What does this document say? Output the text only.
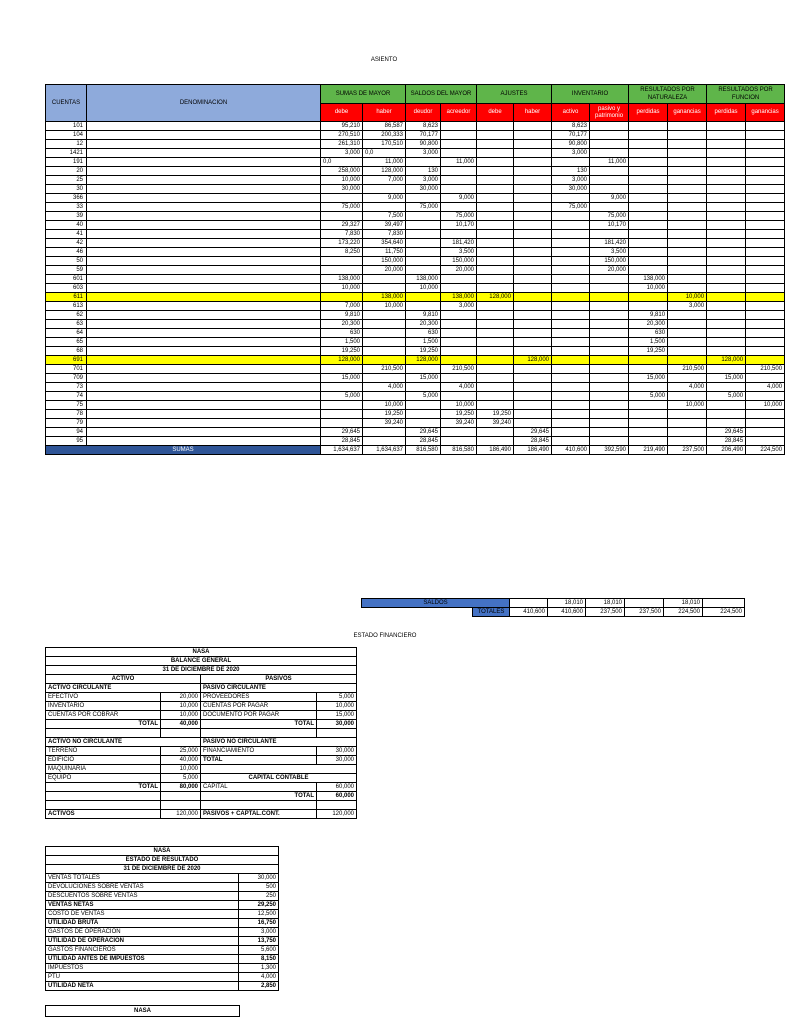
ASIENTO
CUENTAS	DENOMINACION	SUMAS DE MAYOR		SALDOS DEL MAYOR		AJUSTES		INVENTARIO		RESULTADOS POR NATURALEZA		RESULTADOS POR FUNCION	
		debe	haber	deudor	acreedor	debe	haber	activo	pasivo y patrimonio	perdidas	ganancias	perdidas	ganancias
101		95,210	86,587	8,623				8,623					
104		270,510	200,333	70,177				70,177					
12		261,310	170,510	90,800				90,800					
1421		3,000	0,0	3,000				3,000					
191		0,0	11,000		11,000				11,000				
20		258,000	128,000	130				130					
25		10,000	7,000	3,000				3,000					
30		30,000		30,000				30,000					
366			9,000		9,000				9,000				
33		75,000		75,000				75,000					
39			7,500		75,000				75,000				
40		29,327	39,497		10,170				10,170				
41		7,830	7,830										
42		173,220	354,640		181,420				181,420				
46		8,250	11,750		3,500				3,500				
50			150,000		150,000				150,000				
59			20,000		20,000				20,000				
601		138,000		138,000						138,000			
603		10,000		10,000						10,000			
611			138,000		138,000	128,000					10,000		
613		7,000	10,000		3,000						3,000		
62		9,810		9,810						9,810			
63		20,300		20,300						20,300			
64		630		630						630			
65		1,500		1,500						1,500			
68		19,250		19,250						19,250			
691		128,000		128,000			128,000					128,000	
701			210,500		210,500						210,500		210,500
709		15,000		15,000						15,000		15,000	
73			4,000		4,000						4,000		4,000
74		5,000		5,000						5,000		5,000	
75			10,000		10,000						10,000		10,000
78			19,250		19,250	19,250							
79			39,240		39,240	39,240							
94		29,645		29,645			29,645					29,645	
95		28,845		28,845			28,845					28,845	
SUMAS		1,634,637	1,634,637	816,580	816,580	186,490	186,490	410,600	392,590	219,490	237,500	206,490	224,500
SALDOS			18,010	18,010		18,010	
	TOTALES	410,600	410,600	237,500	237,500	224,500	224,500
ESTADO FINANCIERO
NASA			
BALANCE GENERAL			
31 DE DICIEMBRE DE 2020			
ACTIVO		PASIVOS	
ACTIVO CIRCULANTE		PASIVO CIRCULANTE	
EFECTIVO	20,000	PROVEEDORES	5,000
INVENTARIO	10,000	CUENTAS POR PAGAR	10,000
CUENTAS POR COBRAR	10,000	DOCUMENTO POR PAGAR	15,000
TOTAL	40,000	TOTAL	30,000

ACTIVO NO CIRCULANTE		PASIVO NO CIRCULANTE	
TERRENO	25,000	FINANCIAMIENTO	30,000
EDIFICIO	40,000	TOTAL	30,000
MAQUINARIA	10,000		
EQUIPO	5,000	CAPITAL CONTABLE	
TOTAL	80,000	CAPITAL	60,000
		TOTAL	60,000

ACTIVOS	120,000	PASIVOS + CAPTAL.CONT.	120,000
NASA	
ESTADO DE RESULTADO	
31 DE DICIEMBRE DE 2020	
VENTAS TOTALES	30,000
DEVOLUCIONES SOBRE VENTAS	500
DESCUENTOS SOBRE VENTAS	250
VENTAS NETAS	29,250
COSTO DE VENTAS	12,500
UTILIDAD BRUTA	16,750
GASTOS DE OPERACIÓN	3,000
UTILIDAD DE OPERACIÓN	13,750
GASTOS FINANCIEROS	5,600
UTILIDAD ANTES DE IMPUESTOS	8,150
IMPUESTOS	1,300
PTU	4,000
UTILIDAD NETA	2,850
NASA
